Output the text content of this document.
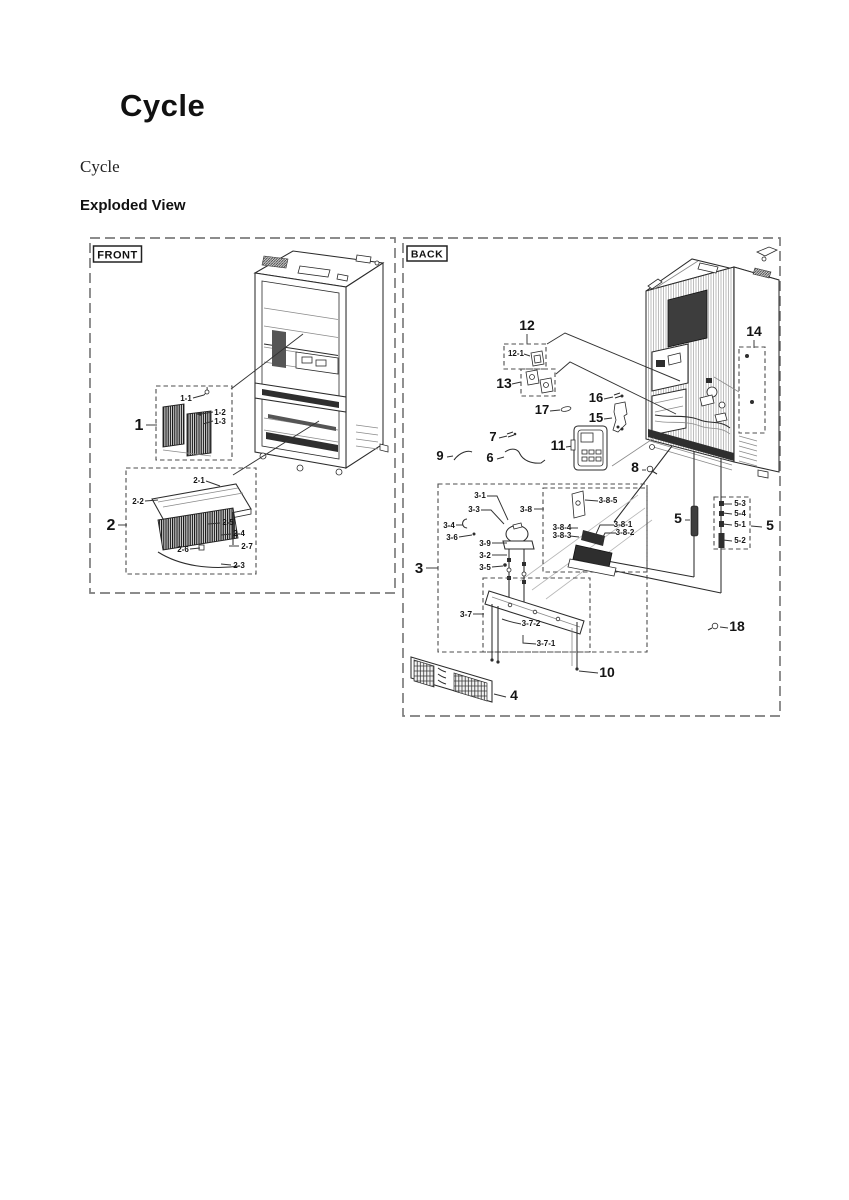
Cycle
Cycle
Exploded View
FRONT
1
1-1
1-2
1-3
2
2-1
2-2
2-5
2-4
2-6	2-7
2-3
BACK
12
12-1
13
14
16
17
15
7
9	6
11
8
5
5-3
5-4
5-1
5-2
5
3
3-1
3-3
3-4
3-6
3-9
3-2
3-5
3-8
3-8-5
3-8-4
3-8-3
3-8-1
3-8-2
3-7
3-7-2
3-7-1
10
4
18
